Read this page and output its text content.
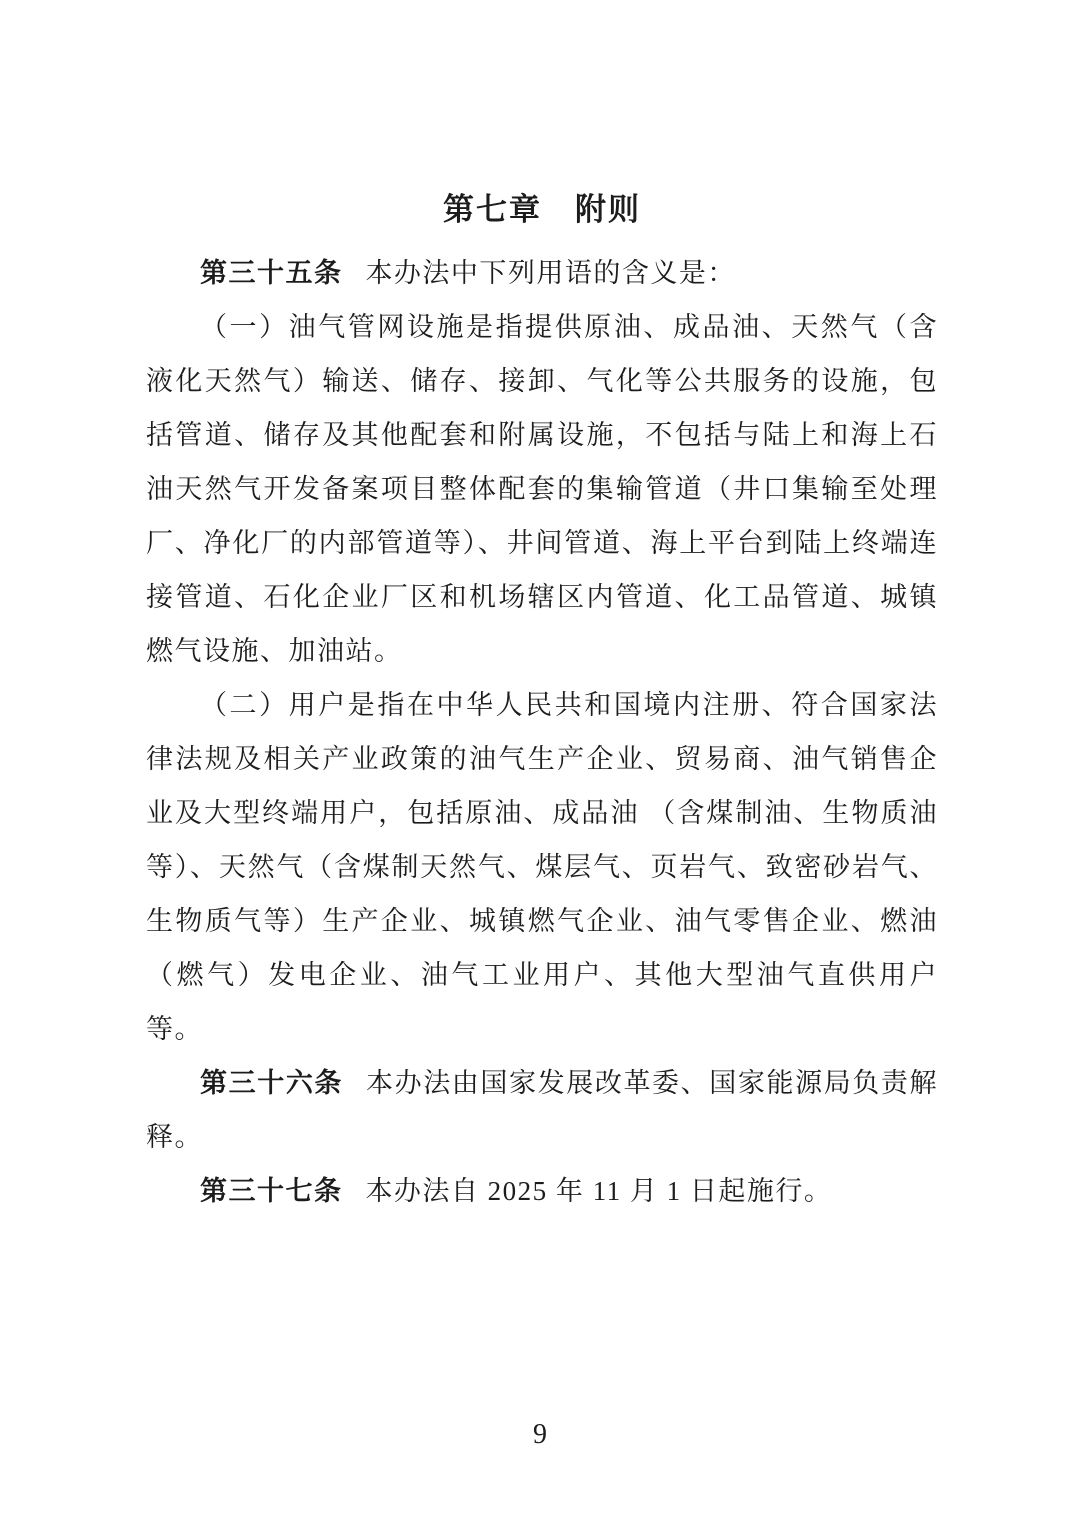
第七章　附则

第三十五条 本办法中下列用语的含义是：

（一）油气管网设施是指提供原油、成品油、天然气（含液化天然气）输送、储存、接卸、气化等公共服务的设施，包括管道、储存及其他配套和附属设施，不包括与陆上和海上石油天然气开发备案项目整体配套的集输管道（井口集输至处理厂、净化厂的内部管道等）、井间管道、海上平台到陆上终端连接管道、石化企业厂区和机场辖区内管道、化工品管道、城镇燃气设施、加油站。

（二）用户是指在中华人民共和国境内注册、符合国家法律法规及相关产业政策的油气生产企业、贸易商、油气销售企业及大型终端用户，包括原油、成品油 （含煤制油、生物质油等）、天然气（含煤制天然气、煤层气、页岩气、致密砂岩气、生物质气等）生产企业、城镇燃气企业、油气零售企业、燃油（燃气）发电企业、油气工业用户、其他大型油气直供用户等。

第三十六条 本办法由国家发展改革委、国家能源局负责解释。

第三十七条 本办法自 2025 年 11 月 1 日起施行。

9
